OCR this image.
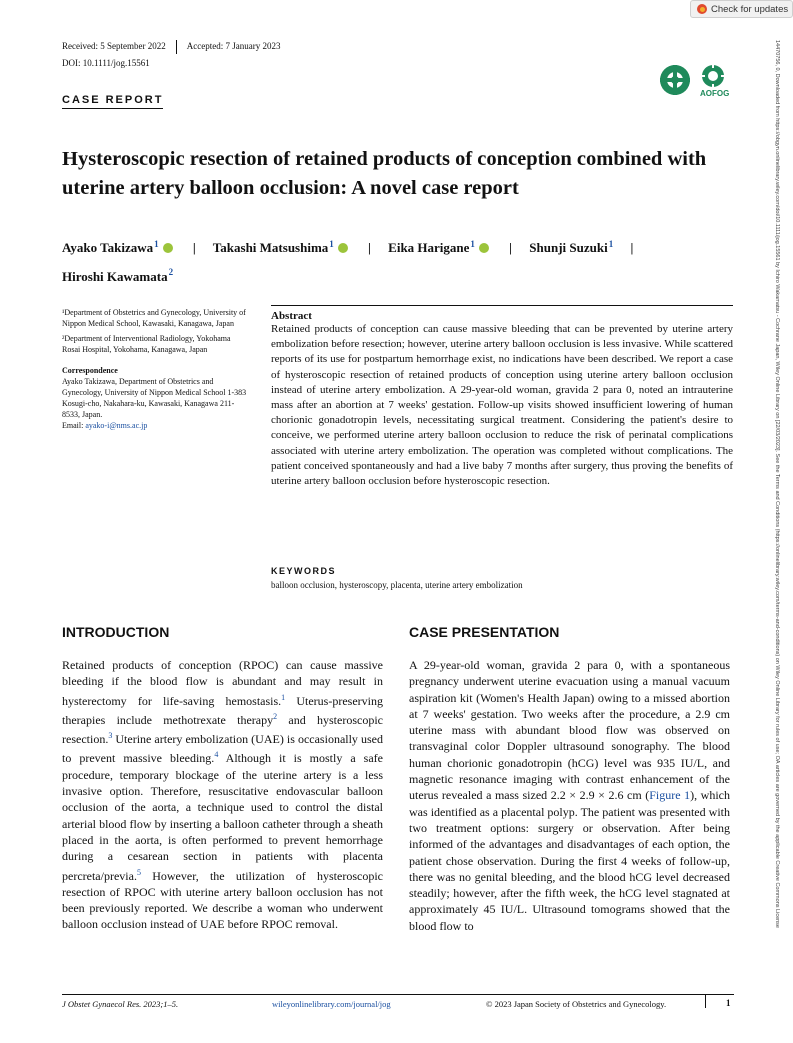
Received: 5 September 2022 Accepted: 7 January 2023
DOI: 10.1111/jog.15561
Check for updates
CASE REPORT
AOFOG
Hysteroscopic resection of retained products of conception combined with uterine artery balloon occlusion: A novel case report
Ayako Takizawa$^1$	| Takashi Matsushima$^1$	| Eika Harigane$^1$	| Shunji Suzuki$^1$ |
Hiroshi Kawamata$^2$

¹Department of Obstetrics and Gynecology, University of Nippon Medical School, Kawasaki, Kanagawa, Japan

²Department of Interventional Radiology, Yokohama Rosai Hospital, Yokohama, Kanagawa, Japan

Correspondence

Ayako Takizawa, Department of Obstetrics and Gynecology, University of Nippon Medical School 1-383 Kosugi-cho, Nakahara-ku, Kawasaki, Kanagawa 211-8533, Japan.

Email: ayako-i@nms.ac.jp

Abstract
Retained products of conception can cause massive bleeding that can be prevented by uterine artery embolization before resection; however, uterine artery balloon occlusion is less invasive. While scattered reports of its use for postpartum hemorrhage exist, no indications have been described. We report a case of hysteroscopic resection of retained products of conception using uterine artery balloon occlusion instead of uterine artery embolization. A 29-year-old woman, gravida 2 para 0, noted an intrauterine mass after an abortion at 7 weeks' gestation. Follow-up visits showed insufficient lowering of human chorionic gonadotropin levels, necessitating surgical treatment. Considering the patient's desire to conceive, we performed uterine artery balloon occlusion to reduce the risk of perinatal complications associated with uterine artery embolization. The operation was completed without complications. The patient conceived spontaneously and had a live baby 7 months after surgery, thus proving the benefits of uterine artery balloon occlusion before hysteroscopic resection.
KEYWORDS
balloon occlusion, hysteroscopy, placenta, uterine artery embolization
INTRODUCTION
Retained products of conception (RPOC) can cause massive bleeding if the blood flow is abundant and may result in hysterectomy for life-saving hemostasis.$^1$ Uterus-preserving therapies include methotrexate therapy$^2$ and hysteroscopic resection.$^3$ Uterine artery embolization (UAE) is occasionally used to prevent massive bleeding.$^4$ Although it is mostly a safe procedure, temporary blockage of the uterine artery is a less invasive option. Therefore, resuscitative endovascular balloon occlusion of the aorta, a technique used to control the distal arterial blood flow by inserting a balloon catheter through a sheath placed in the aorta, is often performed to prevent hemorrhage during a cesarean section in patients with placenta percreta/previa.$^5$ However, the utilization of hysteroscopic resection of RPOC with uterine artery balloon occlusion has not been previously reported. We describe a woman who underwent balloon occlusion instead of UAE before RPOC removal.
CASE PRESENTATION
A 29-year-old woman, gravida 2 para 0, with a spontaneous pregnancy underwent uterine evacuation using a manual vacuum aspiration kit (Women's Health Japan) owing to a missed abortion at 7 weeks' gestation. Two weeks after the procedure, a 2.9 cm uterine mass with abundant blood flow was observed on transvaginal color Doppler ultrasound sonography. The blood human chorionic gonadotropin (hCG) level was 935 IU/L, and magnetic resonance imaging with contrast enhancement of the uterus revealed a mass sized 2.2 × 2.9 × 2.6 cm (Figure 1), which was identified as a placental polyp. The patient was presented with two treatment options: surgery or observation. After being informed of the advantages and disadvantages of each option, the patient chose observation. During the first 4 weeks of follow-up, there was no genital bleeding, and the blood hCG level decreased steadily; however, after the fifth week, the hCG level stagnated at approximately 45 IU/L. Ultrasound tomograms showed that the blood flow to
J Obstet Gynaecol Res. 2023;1–5.	wileyonlinelibrary.com/journal/jog	© 2023 Japan Society of Obstetrics and Gynecology.	1
14470756, 0, Downloaded from https://obgyn.onlinelibrary.wiley.com/doi/10.1111/jog.15561 by Ichiro Wakamatsu - Cochrane Japan, Wiley Online Library on [22/03/2023]. See the Terms and Conditions (https://onlinelibrary.wiley.com/terms-and-conditions) on Wiley Online Library for rules of use; OA articles are governed by the applicable Creative Commons License
